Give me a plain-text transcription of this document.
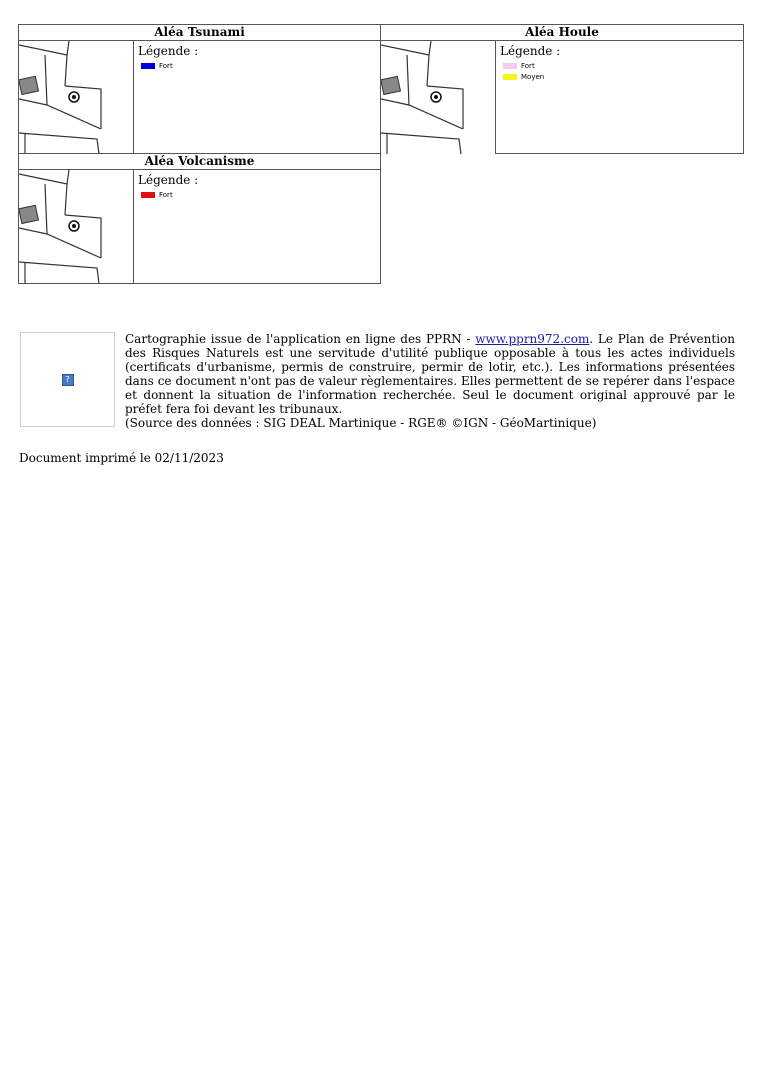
Aléa Tsunami
Légende :
Fort
Aléa Houle
Légende :
Fort
Moyen
Aléa Volcanisme
Légende :
Fort
?
Cartographie issue de l'application en ligne des PPRN - www.pprn972.com. Le Plan de Prévention des Risques Naturels est une servitude d'utilité publique opposable à tous les actes individuels (certificats d'urbanisme, permis de construire, permir de lotir, etc.). Les informations présentées dans ce document n'ont pas de valeur règlementaires. Elles permettent de se repérer dans l'espace et donnent la situation de l'information recherchée. Seul le document original approuvé par le préfet fera foi devant les tribunaux.
(Source des données : SIG DEAL Martinique - RGE® ©IGN - GéoMartinique)
Document imprimé le 02/11/2023
